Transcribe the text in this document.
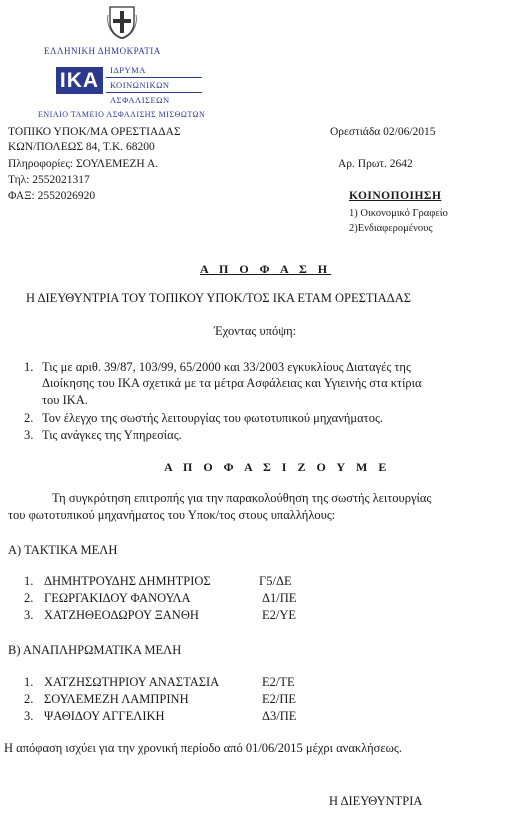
ΕΛΛΗΝΙΚΗ ΔΗΜΟΚΡΑΤΙΑ
ΙΚΑ	ΙΔΡΥΜΑ
ΚΟΙΝΩΝΙΚΩΝ
ΑΣΦΑΛΙΣΕΩΝ
ΕΝΙΑΙΟ ΤΑΜΕΙΟ ΑΣΦΑΛΙΣΗΣ ΜΙΣΘΩΤΩΝ
ΤΟΠΙΚΟ ΥΠΟΚ/ΜΑ ΟΡΕΣΤΙΑΔΑΣ
ΚΩΝ/ΠΟΛΕΩΣ 84, Τ.Κ. 68200
Πληροφορίες: ΣΟΥΛΕΜΕΖΗ Α.
Τηλ: 2552021317
ΦΑΞ: 2552026920
Ορεστιάδα 02/06/2015
Αρ. Πρωτ. 2642
ΚΟΙΝΟΠΟΙΗΣΗ
1) Οικονομικό Γραφείο
2)Ενδιαφερομένους
Α Π Ο Φ Α Σ Η
Η ΔΙΕΥΘΥΝΤΡΙΑ ΤΟΥ ΤΟΠΙΚΟΥ ΥΠΟΚ/ΤΟΣ ΙΚΑ ΕΤΑΜ ΟΡΕΣΤΙΑΔΑΣ
Έχοντας υπόψη:
1. Τις με αριθ. 39/87, 103/99, 65/2000 και 33/2003 εγκυκλίους Διαταγές της
Διοίκησης του ΙΚΑ σχετικά με τα μέτρα Ασφάλειας και Υγιεινής στα κτίρια
του ΙΚΑ.
2. Τον έλεγχο της σωστής λειτουργίας του φωτοτυπικού μηχανήματος.
3. Τις ανάγκες της Υπηρεσίας.
Α Π Ο Φ Α Σ Ι Ζ Ο Υ Μ Ε
Τη συγκρότηση επιτροπής για την παρακολούθηση της σωστής λειτουργίας
του φωτοτυπικού μηχανήματος του Υποκ/τος στους υπαλλήλους:
Α) ΤΑΚΤΙΚΑ ΜΕΛΗ
1. ΔΗΜΗΤΡΟΥΔΗΣ ΔΗΜΗΤΡΙΟΣ	Γ5/ΔΕ
2. ΓΕΩΡΓΑΚΙΔΟΥ ΦΑΝΟΥΛΑ	Δ1/ΠΕ
3. ΧΑΤΖΗΘΕΟΔΩΡΟΥ ΞΑΝΘΗ	Ε2/ΥΕ
Β) ΑΝΑΠΛΗΡΩΜΑΤΙΚΑ ΜΕΛΗ
1. ΧΑΤΖΗΣΩΤΗΡΙΟΥ ΑΝΑΣΤΑΣΙΑ	Ε2/ΤΕ
2. ΣΟΥΛΕΜΕΖΗ ΛΑΜΠΡΙΝΗ	Ε2/ΠΕ
3. ΨΑΘΙΔΟΥ ΑΓΓΕΛΙΚΗ	Δ3/ΠΕ
Η απόφαση ισχύει για την χρονική περίοδο από 01/06/2015 μέχρι ανακλήσεως.
Η ΔΙΕΥΘΥΝΤΡΙΑ
